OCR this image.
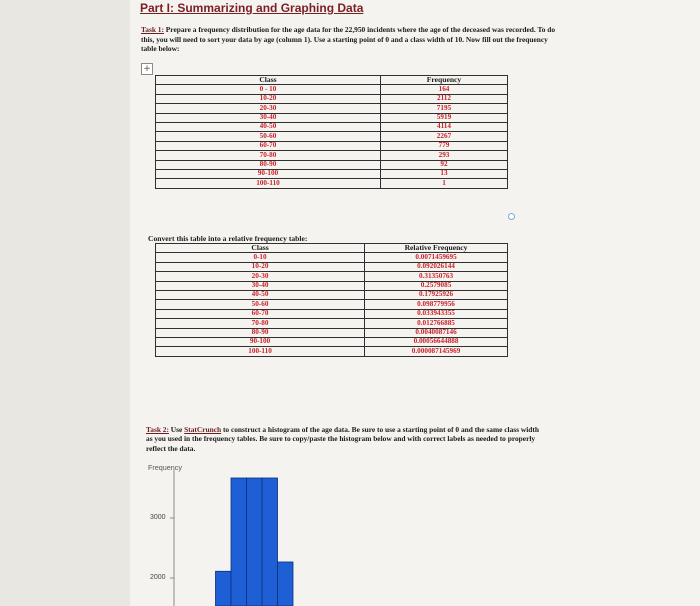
Part I: Summarizing and Graphing Data
Task 1: Prepare a frequency distribution for the age data for the 22,950 incidents where the age of the deceased was recorded. To do this, you will need to sort your data by age (column 1). Use a starting point of 0 and a class width of 10. Now fill out the frequency table below:
+
Class	Frequency
0 - 10	164
10-20	2112
20-30	7195
30-40	5919
40-50	4114
50-60	2267
60-70	779
70-80	293
80-90	92
90-100	13
100-110	1
Convert this table into a relative frequency table:
Class	Relative Frequency
0-10	0.0071459695
10-20	0.092026144
20-30	0.31350763
30-40	0.2579085
40-50	0.17925926
50-60	0.098779956
60-70	0.033943355
70-80	0.012766885
80-90	0.0040087146
90-100	0.00056644888
100-110	0.000087145969
Task 2: Use StatCrunch to construct a histogram of the age data. Be sure to use a starting point of 0 and the same class width as you used in the frequency tables. Be sure to copy/paste the histogram below and with correct labels as needed to properly reflect the data.
Frequency
3000
2000
